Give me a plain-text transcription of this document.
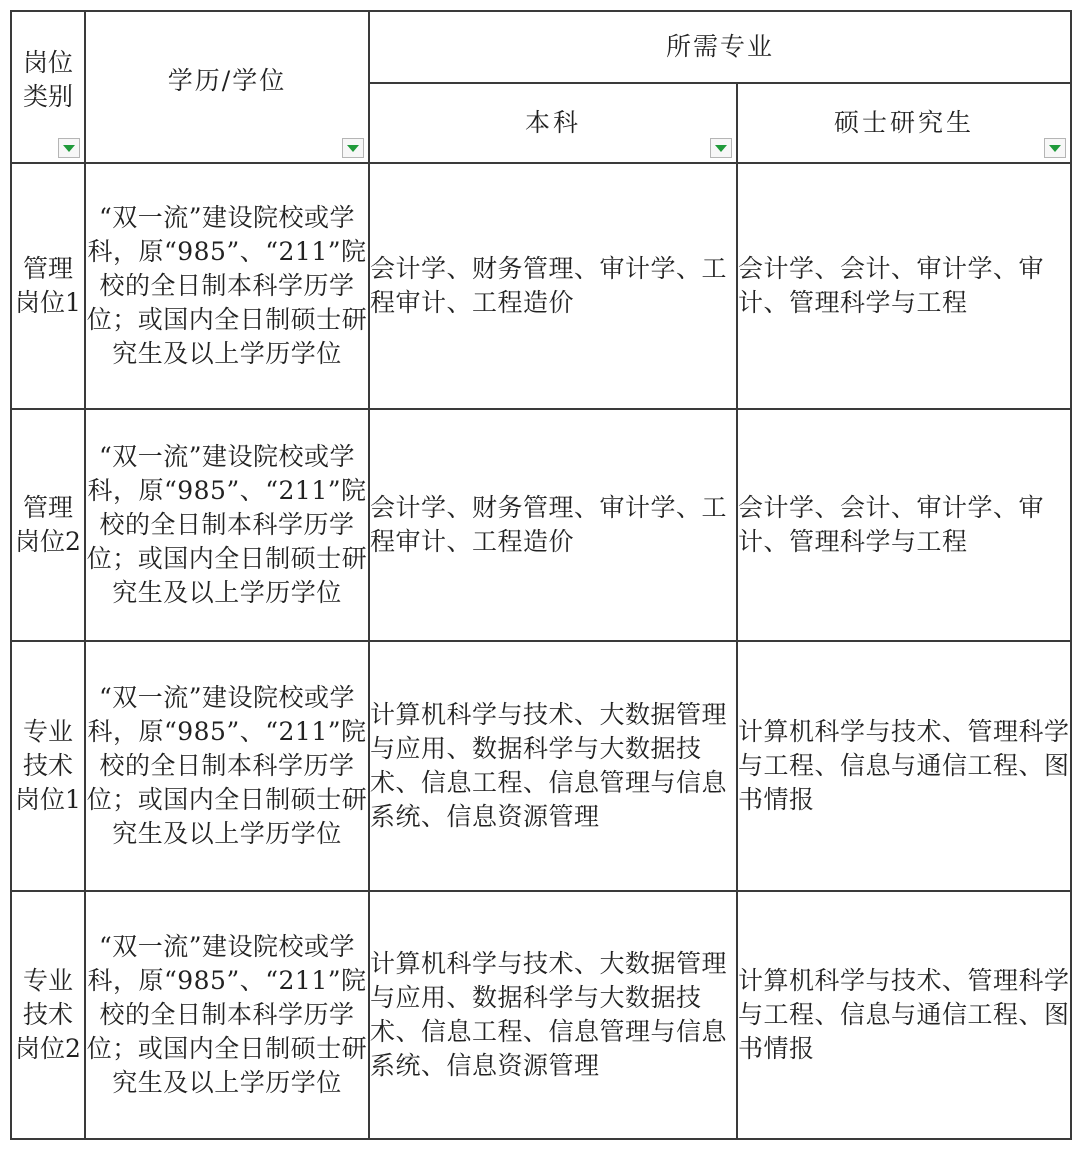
岗位类别	学历/学位	所需专业	
		本科	硕士研究生

管理岗位1	“双一流”建设院校或学科，原“985”、“211”院校的全日制本科学历学位；或国内全日制硕士研究生及以上学历学位	会计学、财务管理、审计学、工程审计、工程造价	会计学、会计、审计学、审计、管理科学与工程
管理岗位2	“双一流”建设院校或学科，原“985”、“211”院校的全日制本科学历学位；或国内全日制硕士研究生及以上学历学位	会计学、财务管理、审计学、工程审计、工程造价	会计学、会计、审计学、审计、管理科学与工程
专业技术岗位1	“双一流”建设院校或学科，原“985”、“211”院校的全日制本科学历学位；或国内全日制硕士研究生及以上学历学位	计算机科学与技术、大数据管理与应用、数据科学与大数据技术、信息工程、信息管理与信息系统、信息资源管理	计算机科学与技术、管理科学与工程、信息与通信工程、图书情报
专业技术岗位2	“双一流”建设院校或学科，原“985”、“211”院校的全日制本科学历学位；或国内全日制硕士研究生及以上学历学位	计算机科学与技术、大数据管理与应用、数据科学与大数据技术、信息工程、信息管理与信息系统、信息资源管理	计算机科学与技术、管理科学与工程、信息与通信工程、图书情报
